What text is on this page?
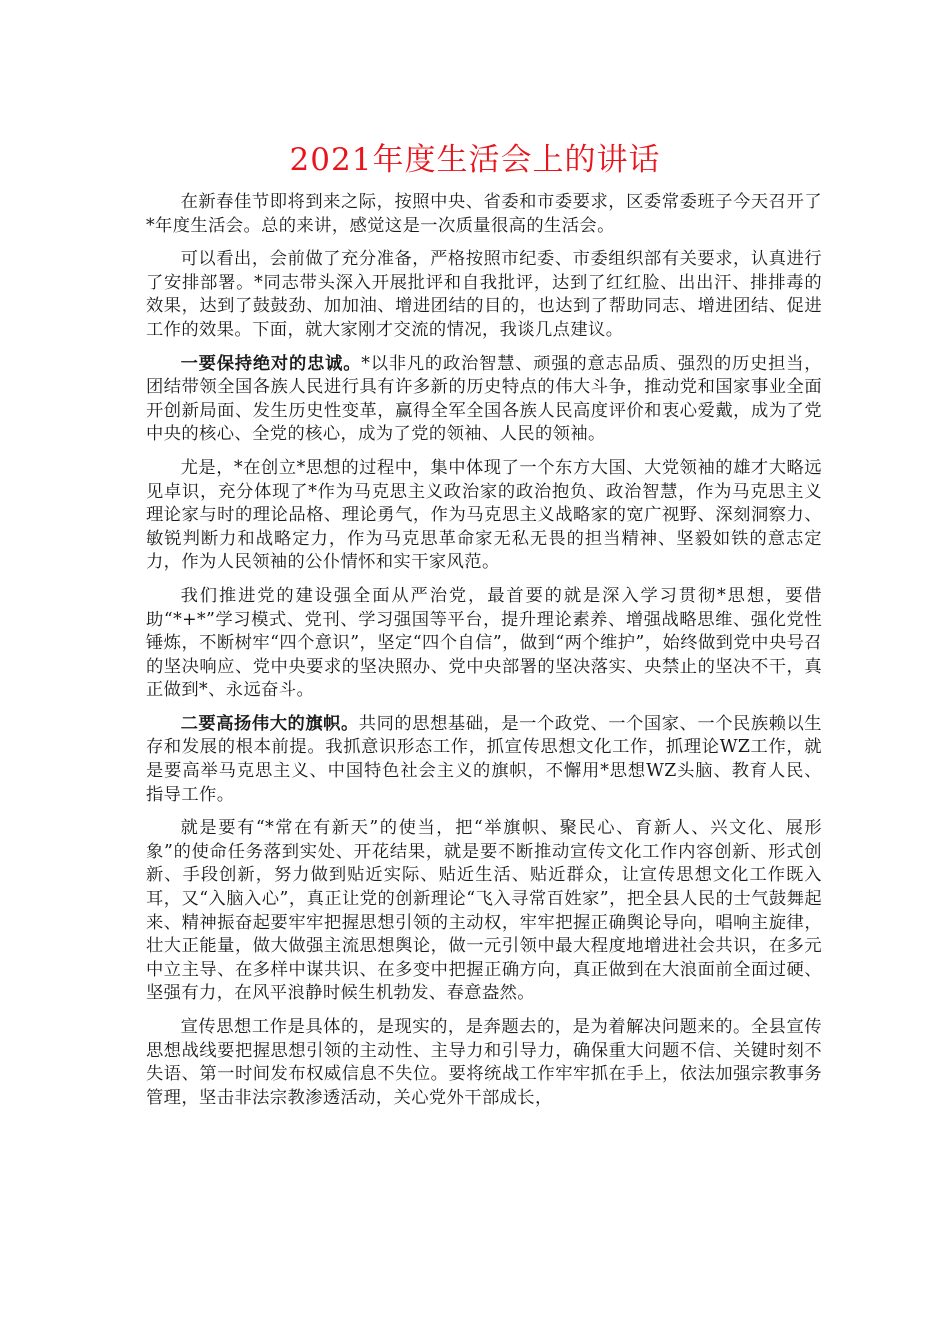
2021年度生活会上的讲话

在新春佳节即将到来之际，按照中央、省委和市委要求，区委常委班子今天召开了*年度生活会。总的来讲，感觉这是一次质量很高的生活会。

可以看出，会前做了充分准备，严格按照市纪委、市委组织部有关要求，认真进行了安排部署。*同志带头深入开展批评和自我批评，达到了红红脸、出出汗、排排毒的效果，达到了鼓鼓劲、加加油、增进团结的目的，也达到了帮助同志、增进团结、促进工作的效果。下面，就大家刚才交流的情况，我谈几点建议。

一要保持绝对的忠诚。*以非凡的政治智慧、顽强的意志品质、强烈的历史担当，团结带领全国各族人民进行具有许多新的历史特点的伟大斗争，推动党和国家事业全面开创新局面、发生历史性变革，赢得全军全国各族人民高度评价和衷心爱戴，成为了党中央的核心、全党的核心，成为了党的领袖、人民的领袖。

尤是，*在创立*思想的过程中，集中体现了一个东方大国、大党领袖的雄才大略远见卓识，充分体现了*作为马克思主义政治家的政治抱负、政治智慧，作为马克思主义理论家与时的理论品格、理论勇气，作为马克思主义战略家的宽广视野、深刻洞察力、敏锐判断力和战略定力，作为马克思革命家无私无畏的担当精神、坚毅如铁的意志定力，作为人民领袖的公仆情怀和实干家风范。

我们推进党的建设强全面从严治党，最首要的就是深入学习贯彻*思想，要借助“*+*”学习模式、党刊、学习强国等平台，提升理论素养、增强战略思维、强化党性锤炼，不断树牢“四个意识”，坚定“四个自信”，做到“两个维护”，始终做到党中央号召的坚决响应、党中央要求的坚决照办、党中央部署的坚决落实、央禁止的坚决不干，真正做到*、永远奋斗。

二要高扬伟大的旗帜。共同的思想基础，是一个政党、一个国家、一个民族赖以生存和发展的根本前提。我抓意识形态工作，抓宣传思想文化工作，抓理论WZ工作，就是要高举马克思主义、中国特色社会主义的旗帜，不懈用*思想WZ头脑、教育人民、指导工作。

就是要有“*常在有新天”的使当，把“举旗帜、聚民心、育新人、兴文化、展形象”的使命任务落到实处、开花结果，就是要不断推动宣传文化工作内容创新、形式创新、手段创新，努力做到贴近实际、贴近生活、贴近群众，让宣传思想文化工作既入耳，又“入脑入心”，真正让党的创新理论“飞入寻常百姓家”，把全县人民的士气鼓舞起来、精神振奋起要牢牢把握思想引领的主动权，牢牢把握正确舆论导向，唱响主旋律，壮大正能量，做大做强主流思想舆论，做一元引领中最大程度地增进社会共识，在多元中立主导、在多样中谋共识、在多变中把握正确方向，真正做到在大浪面前全面过硬、坚强有力，在风平浪静时候生机勃发、春意盎然。

宣传思想工作是具体的，是现实的，是奔题去的，是为着解决问题来的。全县宣传思想战线要把握思想引领的主动性、主导力和引导力，确保重大问题不信、关键时刻不失语、第一时间发布权威信息不失位。要将统战工作牢牢抓在手上，依法加强宗教事务管理，坚击非法宗教渗透活动，关心党外干部成长，
